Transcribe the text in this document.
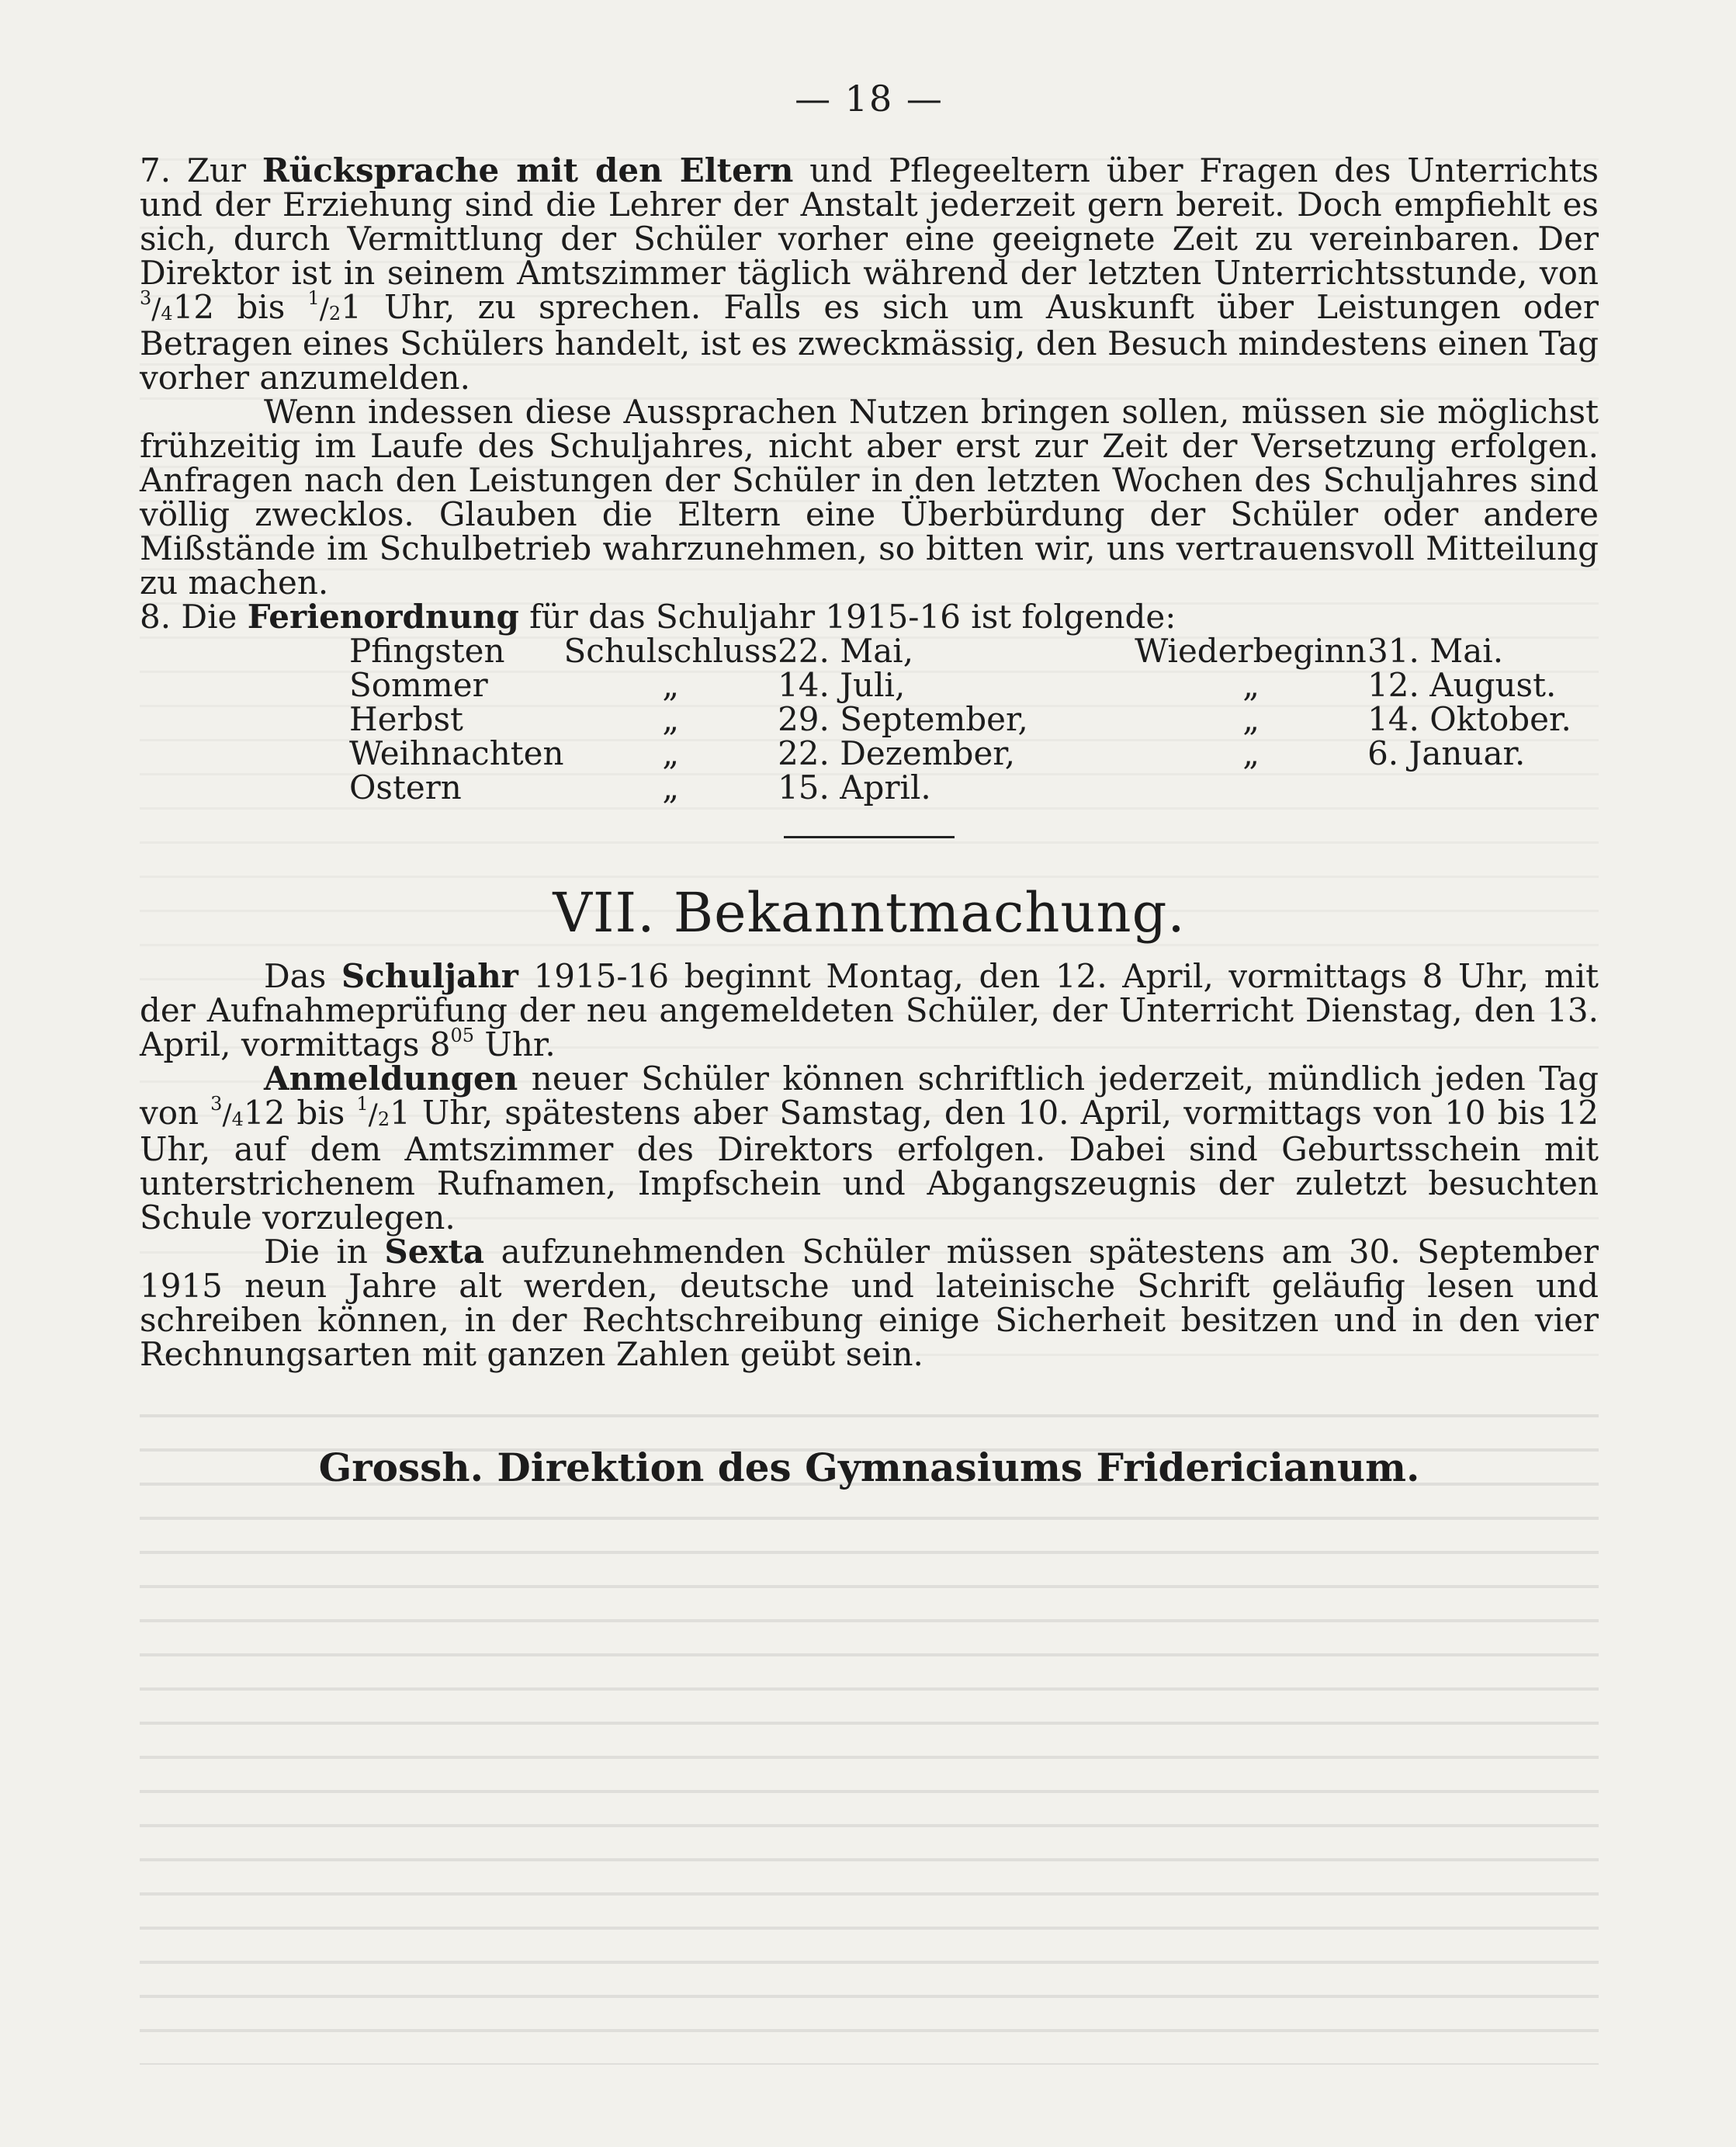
— 18 —

7. Zur Rücksprache mit den Eltern und Pflegeeltern über Fragen des Unterrichts und der Erziehung sind die Lehrer der Anstalt jederzeit gern bereit. Doch empfiehlt es sich, durch Vermittlung der Schüler vorher eine geeignete Zeit zu vereinbaren. Der Direktor ist in seinem Amtszimmer täglich während der letzten Unterrichtsstunde, von $^3/_412$ bis $^1/_21$ Uhr, zu sprechen. Falls es sich um Auskunft über Leistungen oder Betragen eines Schülers handelt, ist es zweckmässig, den Besuch mindestens einen Tag vorher anzumelden.

Wenn indessen diese Aussprachen Nutzen bringen sollen, müssen sie möglichst frühzeitig im Laufe des Schuljahres, nicht aber erst zur Zeit der Versetzung erfolgen. Anfragen nach den Leistungen der Schüler in den letzten Wochen des Schuljahres sind völlig zwecklos. Glauben die Eltern eine Überbürdung der Schüler oder andere Mißstände im Schulbetrieb wahrzunehmen, so bitten wir, uns vertrauensvoll Mitteilung zu machen.

8. Die Ferienordnung für das Schuljahr 1915-16 ist folgende:

Pfingsten	Schulschluss	22. Mai,	Wiederbeginn	31. Mai.
Sommer	„	14. Juli,	„	12. August.
Herbst	„	29. September,	„	14. Oktober.
Weihnachten	„	22. Dezember,	„	6. Januar.
Ostern	„	15. April.		
VII. Bekanntmachung.

Das Schuljahr 1915-16 beginnt Montag, den 12. April, vormittags 8 Uhr, mit der Aufnahmeprüfung der neu angemeldeten Schüler, der Unterricht Dienstag, den 13. April, vormittags $8^{05}$ Uhr.

Anmeldungen neuer Schüler können schriftlich jederzeit, mündlich jeden Tag von $^3/_412$ bis $^1/_21$ Uhr, spätestens aber Samstag, den 10. April, vormittags von 10 bis 12 Uhr, auf dem Amtszimmer des Direktors erfolgen. Dabei sind Geburtsschein mit unterstrichenem Rufnamen, Impfschein und Abgangszeugnis der zuletzt besuchten Schule vorzulegen.

Die in Sexta aufzunehmenden Schüler müssen spätestens am 30. September 1915 neun Jahre alt werden, deutsche und lateinische Schrift geläufig lesen und schreiben können, in der Rechtschreibung einige Sicherheit besitzen und in den vier Rechnungsarten mit ganzen Zahlen geübt sein.

Grossh. Direktion des Gymnasiums Fridericianum.
